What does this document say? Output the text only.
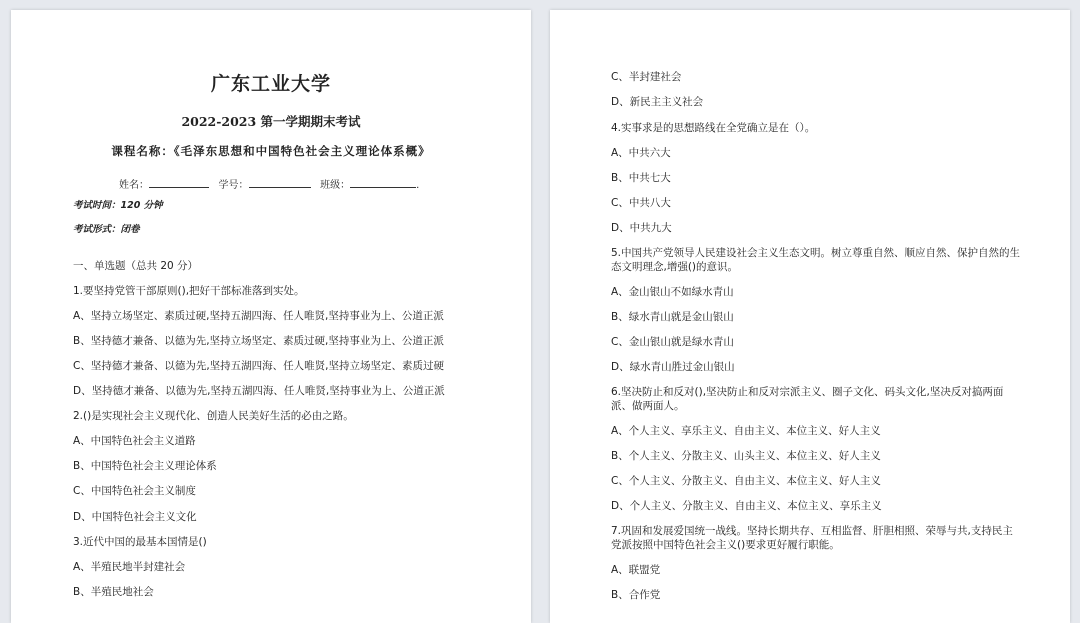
广东工业大学
2022-2023 第一学期期末考试
课程名称：《毛泽东思想和中国特色社会主义理论体系概》
姓名：	学号：	班级：	.
考试时间：120 分钟
考试形式：闭卷
一、单选题（总共 20 分）
1.要坚持党管干部原则(),把好干部标准落到实处。
A、坚持立场坚定、素质过硬,坚持五湖四海、任人唯贤,坚持事业为上、公道正派
B、坚持德才兼备、以德为先,坚持立场坚定、素质过硬,坚持事业为上、公道正派
C、坚持德才兼备、以德为先,坚持五湖四海、任人唯贤,坚持立场坚定、素质过硬
D、坚持德才兼备、以德为先,坚持五湖四海、任人唯贤,坚持事业为上、公道正派
2.()是实现社会主义现代化、创造人民美好生活的必由之路。
A、中国特色社会主义道路
B、中国特色社会主义理论体系
C、中国特色社会主义制度
D、中国特色社会主义文化
3.近代中国的最基本国情是()
A、半殖民地半封建社会
B、半殖民地社会
C、半封建社会
D、新民主主义社会
4.实事求是的思想路线在全党确立是在（）。
A、中共六大
B、中共七大
C、中共八大
D、中共九大
5.中国共产党领导人民建设社会主义生态文明。树立尊重自然、顺应自然、保护自然的生态文明理念,增强()的意识。
A、金山银山不如绿水青山
B、绿水青山就是金山银山
C、金山银山就是绿水青山
D、绿水青山胜过金山银山
6.坚决防止和反对(),坚决防止和反对宗派主义、圈子文化、码头文化,坚决反对搞两面派、做两面人。
A、个人主义、享乐主义、自由主义、本位主义、好人主义
B、个人主义、分散主义、山头主义、本位主义、好人主义
C、个人主义、分散主义、自由主义、本位主义、好人主义
D、个人主义、分散主义、自由主义、本位主义、享乐主义
7.巩固和发展爱国统一战线。坚持长期共存、互相监督、肝胆相照、荣辱与共,支持民主党派按照中国特色社会主义()要求更好履行职能。
A、联盟党
B、合作党
